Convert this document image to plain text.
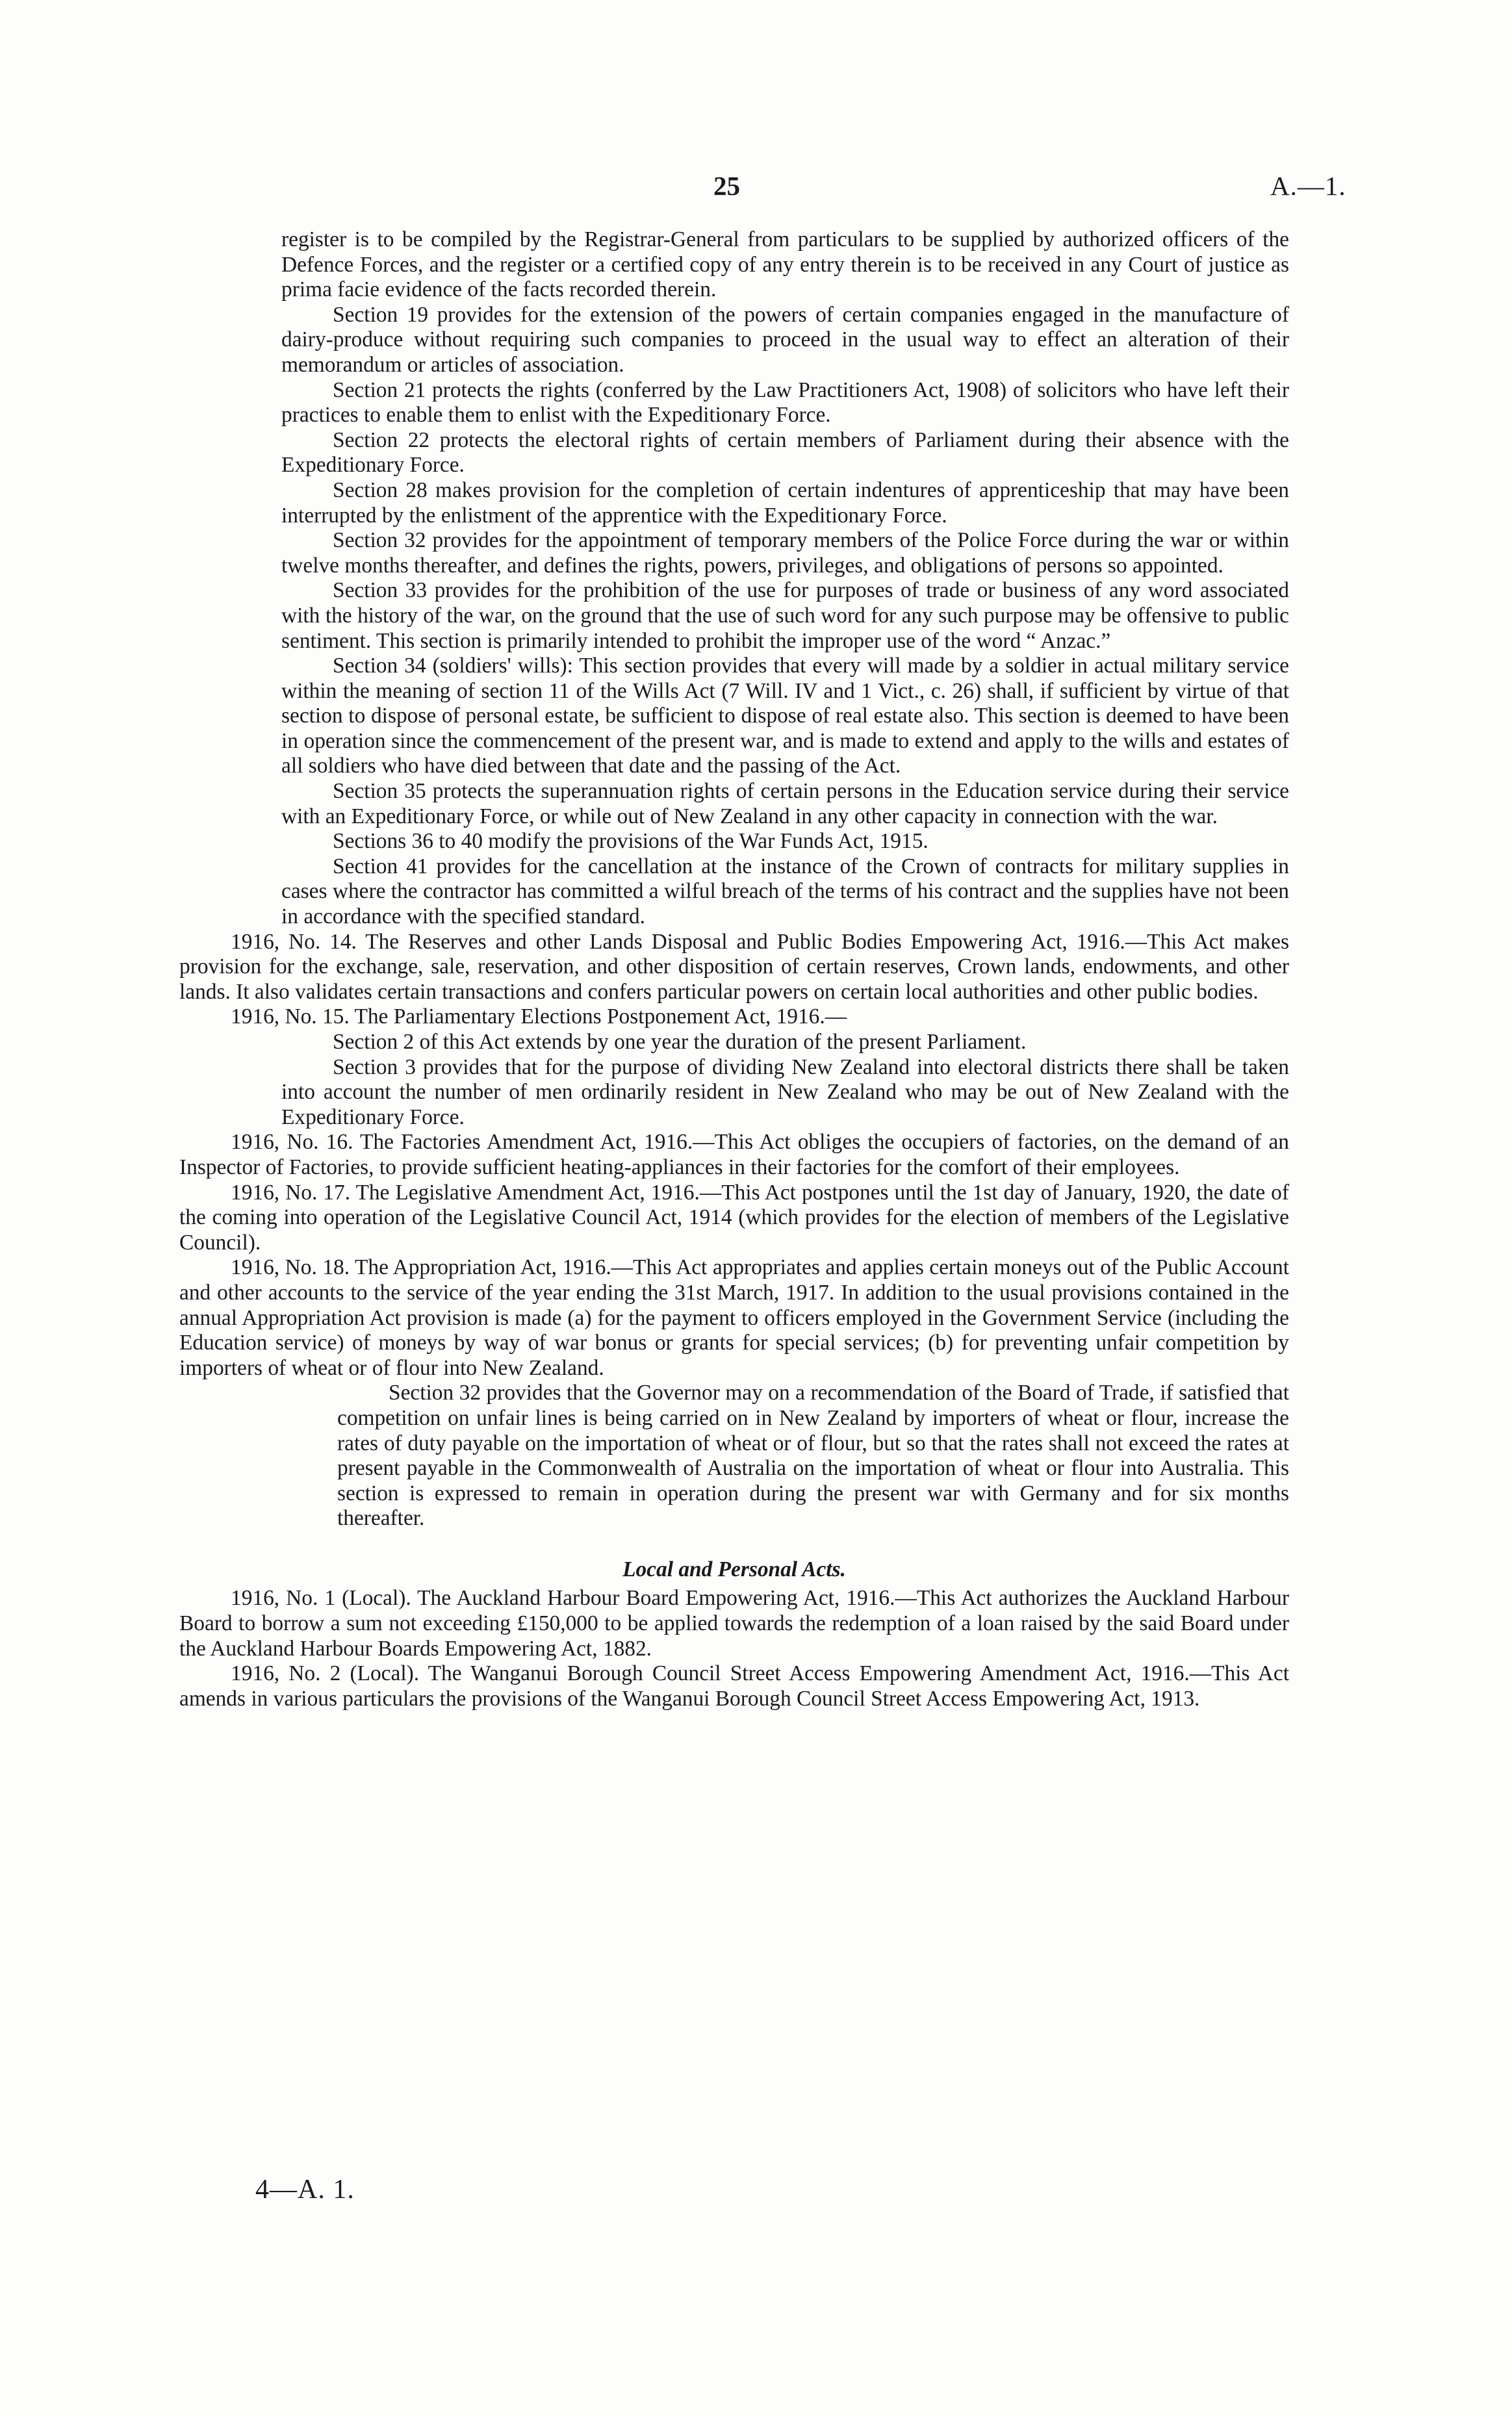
25	A.—1.

register is to be compiled by the Registrar-General from particulars to be supplied by authorized officers of the Defence Forces, and the register or a certified copy of any entry therein is to be received in any Court of justice as prima facie evidence of the facts recorded therein.

Section 19 provides for the extension of the powers of certain companies engaged in the manufacture of dairy-produce without requiring such companies to proceed in the usual way to effect an alteration of their memorandum or articles of association.

Section 21 protects the rights (conferred by the Law Practitioners Act, 1908) of solicitors who have left their practices to enable them to enlist with the Expeditionary Force.

Section 22 protects the electoral rights of certain members of Parliament during their absence with the Expeditionary Force.

Section 28 makes provision for the completion of certain indentures of apprenticeship that may have been interrupted by the enlistment of the apprentice with the Expeditionary Force.

Section 32 provides for the appointment of temporary members of the Police Force during the war or within twelve months thereafter, and defines the rights, powers, privileges, and obligations of persons so appointed.

Section 33 provides for the prohibition of the use for purposes of trade or business of any word associated with the history of the war, on the ground that the use of such word for any such purpose may be offensive to public sentiment. This section is primarily intended to prohibit the improper use of the word “ Anzac.”

Section 34 (soldiers' wills): This section provides that every will made by a soldier in actual military service within the meaning of section 11 of the Wills Act (7 Will. IV and 1 Vict., c. 26) shall, if sufficient by virtue of that section to dispose of personal estate, be sufficient to dispose of real estate also. This section is deemed to have been in operation since the commencement of the present war, and is made to extend and apply to the wills and estates of all soldiers who have died between that date and the passing of the Act.

Section 35 protects the superannuation rights of certain persons in the Education service during their service with an Expeditionary Force, or while out of New Zealand in any other capacity in connection with the war.

Sections 36 to 40 modify the provisions of the War Funds Act, 1915.

Section 41 provides for the cancellation at the instance of the Crown of contracts for military supplies in cases where the contractor has committed a wilful breach of the terms of his contract and the supplies have not been in accordance with the specified standard.

1916, No. 14. The Reserves and other Lands Disposal and Public Bodies Empowering Act, 1916.—This Act makes provision for the exchange, sale, reservation, and other disposition of certain reserves, Crown lands, endowments, and other lands. It also validates certain transactions and confers particular powers on certain local authorities and other public bodies.

1916, No. 15. The Parliamentary Elections Postponement Act, 1916.—

Section 2 of this Act extends by one year the duration of the present Parliament.

Section 3 provides that for the purpose of dividing New Zealand into electoral districts there shall be taken into account the number of men ordinarily resident in New Zealand who may be out of New Zealand with the Expeditionary Force.

1916, No. 16. The Factories Amendment Act, 1916.—This Act obliges the occupiers of factories, on the demand of an Inspector of Factories, to provide sufficient heating-appliances in their factories for the comfort of their employees.

1916, No. 17. The Legislative Amendment Act, 1916.—This Act postpones until the 1st day of January, 1920, the date of the coming into operation of the Legislative Council Act, 1914 (which provides for the election of members of the Legislative Council).

1916, No. 18. The Appropriation Act, 1916.—This Act appropriates and applies certain moneys out of the Public Account and other accounts to the service of the year ending the 31st March, 1917. In addition to the usual provisions contained in the annual Appropriation Act provision is made (a) for the payment to officers employed in the Government Service (including the Education service) of moneys by way of war bonus or grants for special services; (b) for preventing unfair competition by importers of wheat or of flour into New Zealand.

Section 32 provides that the Governor may on a recommendation of the Board of Trade, if satisfied that competition on unfair lines is being carried on in New Zealand by importers of wheat or flour, increase the rates of duty payable on the importation of wheat or of flour, but so that the rates shall not exceed the rates at present payable in the Commonwealth of Australia on the importation of wheat or flour into Australia. This section is expressed to remain in operation during the present war with Germany and for six months thereafter.

Local and Personal Acts.

1916, No. 1 (Local). The Auckland Harbour Board Empowering Act, 1916.—This Act authorizes the Auckland Harbour Board to borrow a sum not exceeding £150,000 to be applied towards the redemption of a loan raised by the said Board under the Auckland Harbour Boards Empowering Act, 1882.

1916, No. 2 (Local). The Wanganui Borough Council Street Access Empowering Amendment Act, 1916.—This Act amends in various particulars the provisions of the Wanganui Borough Council Street Access Empowering Act, 1913.

4—A. 1.
